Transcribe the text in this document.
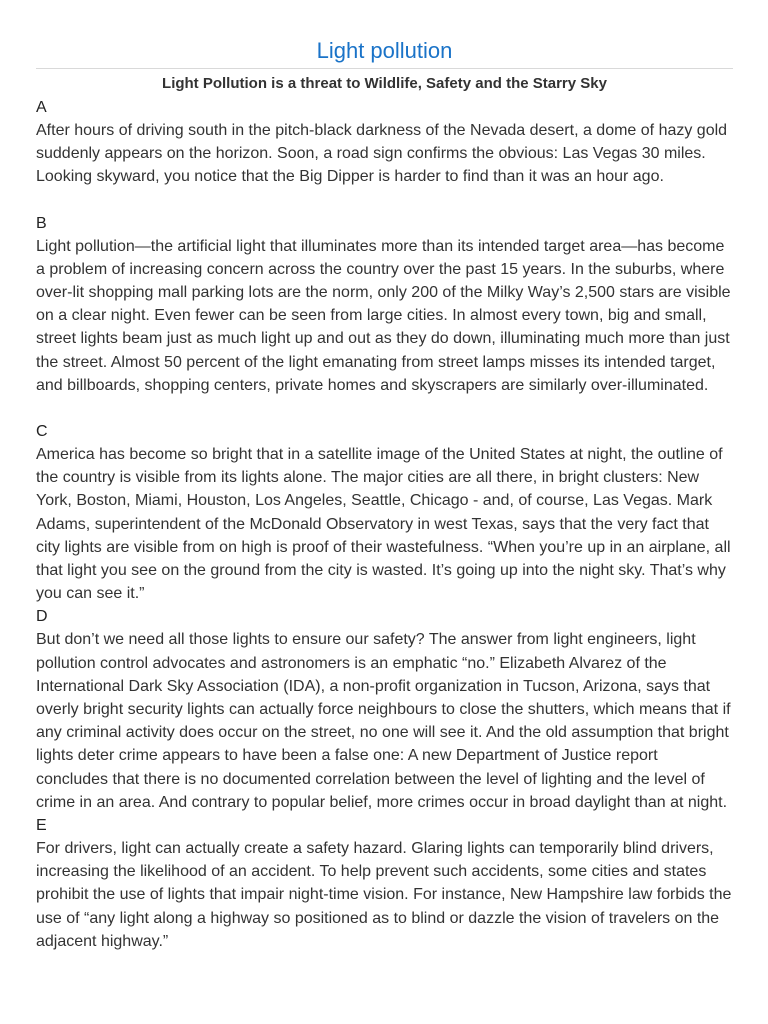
Light pollution

Light Pollution is a threat to Wildlife, Safety and the Starry Sky

A

After hours of driving south in the pitch-black darkness of the Nevada desert, a dome of hazy gold suddenly appears on the horizon. Soon, a road sign confirms the obvious: Las Vegas 30 miles. Looking skyward, you notice that the Big Dipper is harder to find than it was an hour ago.

B

Light pollution—the artificial light that illuminates more than its intended target area—has become a problem of increasing concern across the country over the past 15 years. In the suburbs, where over-lit shopping mall parking lots are the norm, only 200 of the Milky Way’s 2,500 stars are visible on a clear night. Even fewer can be seen from large cities. In almost every town, big and small, street lights beam just as much light up and out as they do down, illuminating much more than just the street. Almost 50 percent of the light emanating from street lamps misses its intended target, and billboards, shopping centers, private homes and skyscrapers are similarly over-illuminated.

C

America has become so bright that in a satellite image of the United States at night, the outline of the country is visible from its lights alone. The major cities are all there, in bright clusters: New York, Boston, Miami, Houston, Los Angeles, Seattle, Chicago - and, of course, Las Vegas. Mark Adams, superintendent of the McDonald Observatory in west Texas, says that the very fact that city lights are visible from on high is proof of their wastefulness. “When you’re up in an airplane, all that light you see on the ground from the city is wasted. It’s going up into the night sky. That’s why you can see it.”

D

But don’t we need all those lights to ensure our safety? The answer from light engineers, light pollution control advocates and astronomers is an emphatic “no.” Elizabeth Alvarez of the International Dark Sky Association (IDA), a non-profit organization in Tucson, Arizona, says that overly bright security lights can actually force neighbours to close the shutters, which means that if any criminal activity does occur on the street, no one will see it. And the old assumption that bright lights deter crime appears to have been a false one: A new Department of Justice report concludes that there is no documented correlation between the level of lighting and the level of crime in an area. And contrary to popular belief, more crimes occur in broad daylight than at night.

E

For drivers, light can actually create a safety hazard. Glaring lights can temporarily blind drivers, increasing the likelihood of an accident. To help prevent such accidents, some cities and states prohibit the use of lights that impair night-time vision. For instance, New Hampshire law forbids the use of “any light along a highway so positioned as to blind or dazzle the vision of travelers on the adjacent highway.”
